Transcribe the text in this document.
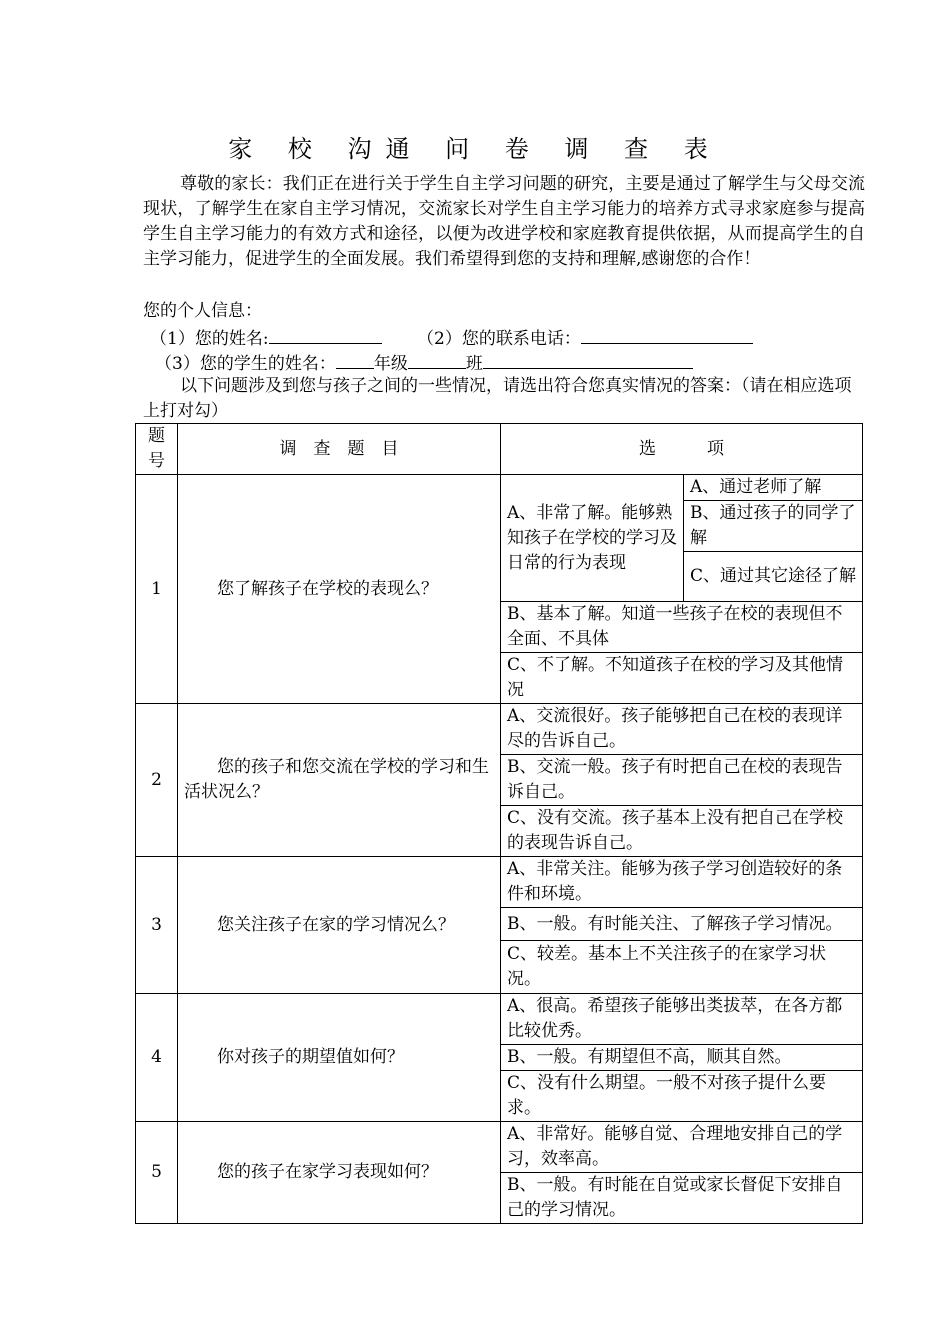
家 校 沟通 问 卷 调 查 表

尊敬的家长：我们正在进行关于学生自主学习问题的研究，主要是通过了解学生与父母交流现状，了解学生在家自主学习情况，交流家长对学生自主学习能力的培养方式寻求家庭参与提高学生自主学习能力的有效方式和途径，以便为改进学校和家庭教育提供依据，从而提高学生的自主学习能力，促进学生的全面发展。我们希望得到您的支持和理解,感谢您的合作！

您的个人信息：
（1）您的姓名:	（2）您的联系电话：
（3）您的学生的姓名： 年级	班

以下问题涉及到您与孩子之间的一些情况，请选出符合您真实情况的答案：（请在相应选项上打对勾）

题号	调　查　题　目	选　　　项	
1	您了解孩子在学校的表现么？	A、非常了解。能够熟知孩子在学校的学习及日常的行为表现	A、通过老师了解
			B、通过孩子的同学了解
			C、通过其它途径了解
		B、基本了解。知道一些孩子在校的表现但不全面、不具体	
		C、不了解。不知道孩子在校的学习及其他情况	
2	您的孩子和您交流在学校的学习和生活状况么？	A、交流很好。孩子能够把自己在校的表现详尽的告诉自己。	
		B、交流一般。孩子有时把自己在校的表现告诉自己。	
		C、没有交流。孩子基本上没有把自己在学校的表现告诉自己。	
3	您关注孩子在家的学习情况么？	A、非常关注。能够为孩子学习创造较好的条件和环境。	
		B、一般。有时能关注、了解孩子学习情况。	
		C、较差。基本上不关注孩子的在家学习状况。	
4	你对孩子的期望值如何？	A、很高。希望孩子能够出类拔萃，在各方都比较优秀。	
		B、一般。有期望但不高，顺其自然。	
		C、没有什么期望。一般不对孩子提什么要求。	
5	您的孩子在家学习表现如何？	A、非常好。能够自觉、合理地安排自己的学习，效率高。	
		B、一般。有时能在自觉或家长督促下安排自己的学习情况。	
